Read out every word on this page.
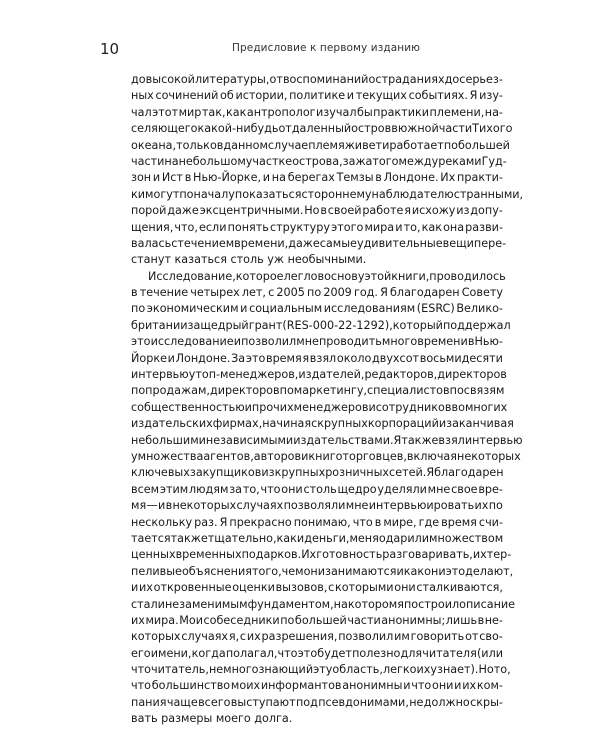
10	Предисловие к первому изданию
до высокой литературы, от воспоминаний о страданиях до серьез-
ных сочинений об истории, политике и текущих событиях. Я изу-
чал этот мир так, как антрополог изучал бы практики племени, на-
селяющего какой-нибудь отдаленный остров в южной части Тихого
океана, только в данном случае племя живет и работает по большей
части на небольшом участке острова, зажатого между реками Гуд-
зон и Ист в Нью-Йорке, и на берегах Темзы в Лондоне. Их практи-
ки могут поначалу показаться стороннему наблюдателю странными,
порой даже эксцентричными. Но в своей работе я исхожу из допу-
щения, что, если понять структуру этого мира и то, как она разви-
валась с течением времени, даже самые удивительные вещи пере-
станут казаться столь уж необычными.
Исследование, которое легло в основу этой книги, проводилось
в течение четырех лет, с 2005 по 2009 год. Я благодарен Совету
по экономическим и социальным исследованиям (ESRC) Велико-
британии за щедрый грант (RES-000-22-1292), который поддержал
это исследование и позволил мне проводить много времени в Нью-
Йорке и Лондоне. За это время я взял около двухсот восьмидесяти
интервью у топ-менеджеров, издателей, редакторов, директоров
по продажам, директоров по маркетингу, специалистов по связям
с общественностью и прочих менеджеров и сотрудников во многих
издательских фирмах, начиная с крупных корпораций и заканчивая
небольшими независимыми издательствами. Я также взял интервью
у множества агентов, авторов и книготорговцев, включая некоторых
ключевых закупщиков из крупных розничных сетей. Я благодарен
всем этим людям за то, что они столь щедро уделяли мне свое вре-
мя — и в некоторых случаях позволяли мне интервьюировать их по
нескольку раз. Я прекрасно понимаю, что в мире, где время счи-
тается так же тщательно, как и деньги, меня одарили множеством
ценных временных подарков. Их готовность разговаривать, их тер-
пеливые объяснения того, чем они занимаются и как они это делают,
и их откровенные оценки вызовов, с которыми они сталкиваются,
стали незаменимым фундаментом, на котором я построил описание
их мира. Мои собеседники по большей части анонимны; лишь в не-
которых случаях я, с их разрешения, позволил им говорить от сво-
его имени, когда полагал, что это будет полезно для читателя (или
что читатель, немного знающий эту область, легко их узнает). Но то,
что большинство моих информантов анонимны и что они и их ком-
пания чаще всего выступают под псевдонимами, не должно скры-
вать размеры моего долга.
